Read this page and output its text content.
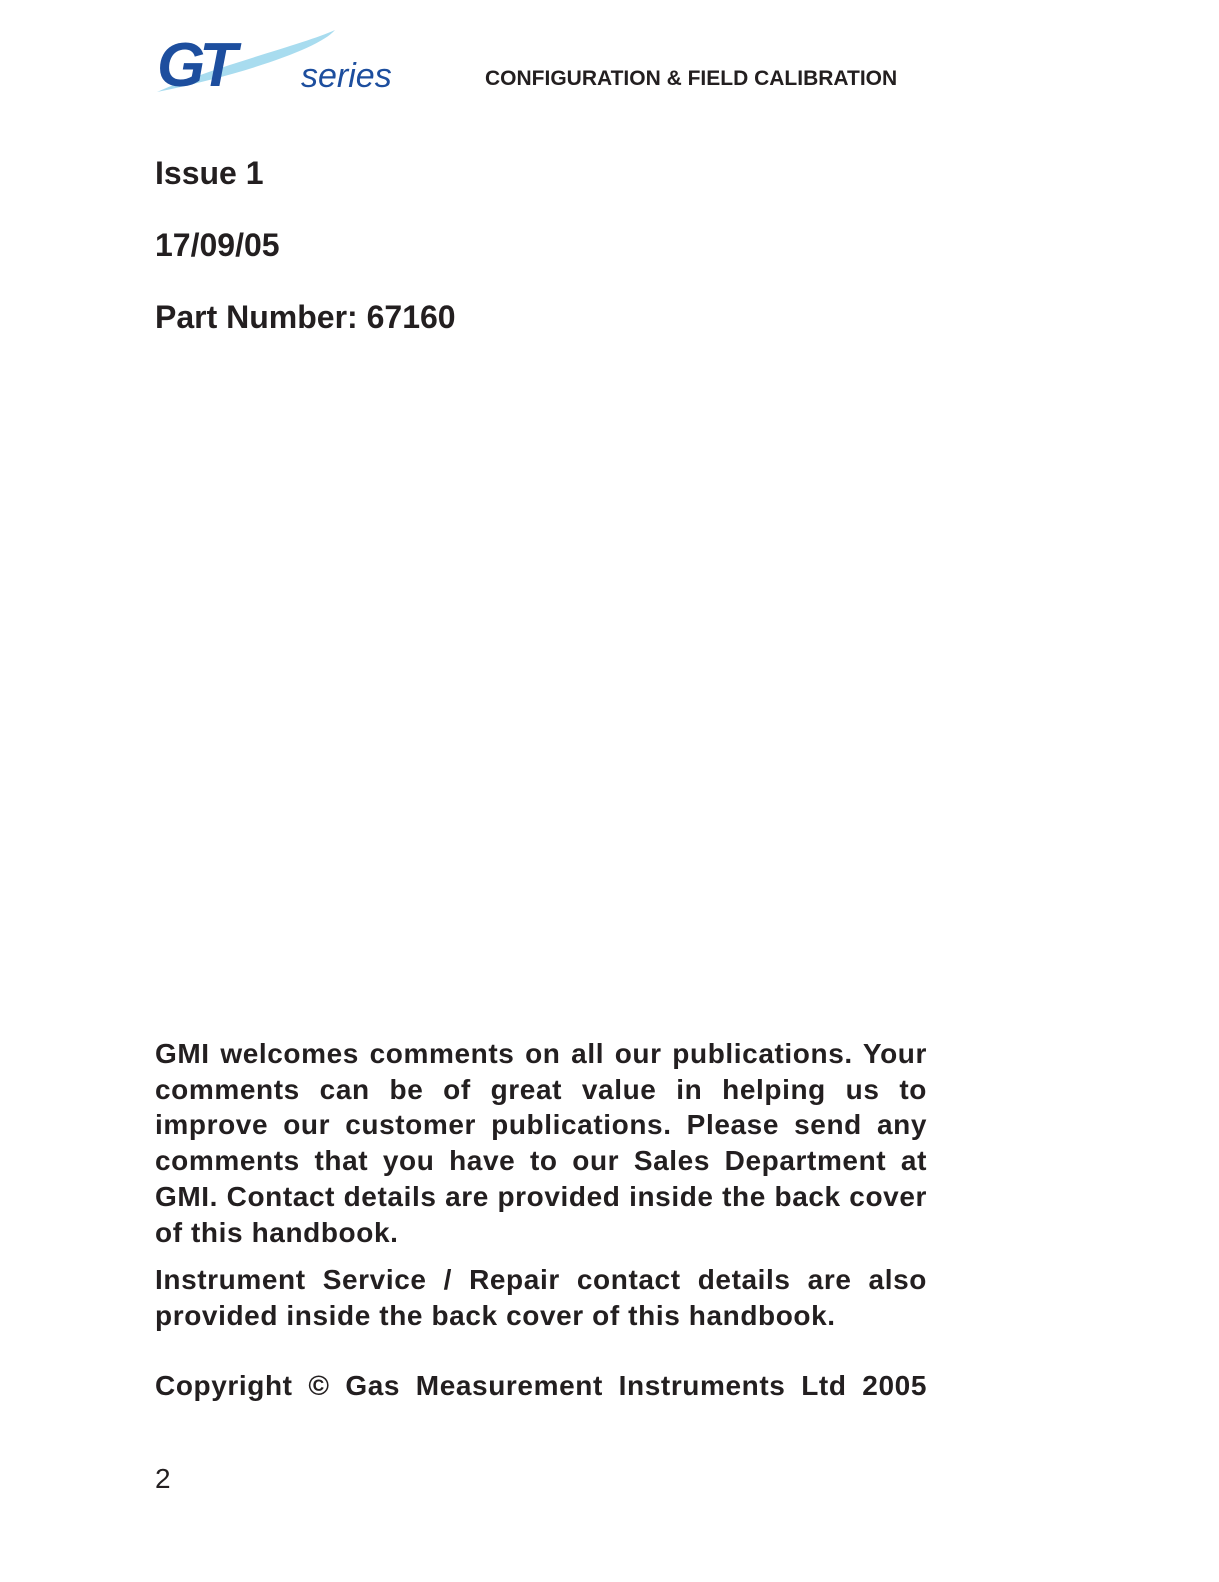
GT	series	CONFIGURATION & FIELD CALIBRATION
Issue 1
17/09/05
Part Number: 67160

GMI welcomes comments on all our publications. Your comments can be of great value in helping us to improve our customer publications. Please send any comments that you have to our Sales Department at GMI. Contact details are provided inside the back cover of this handbook.

Instrument Service / Repair contact details are also provided inside the back cover of this handbook.

Copyright © Gas Measurement Instruments Ltd 2005

2
